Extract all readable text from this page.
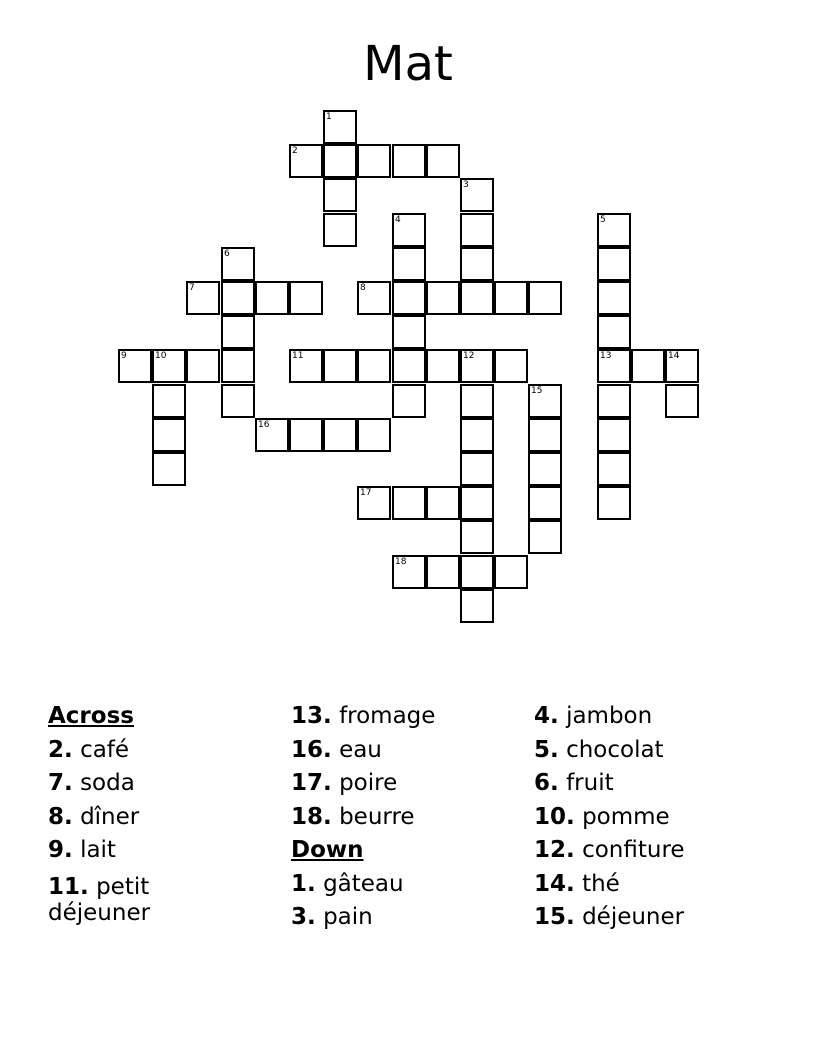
Mat
1
2
3
4	5
6
7	8
9	10	11	12	13	14
15
16
17
18
Across
2. café
7. soda
8. dîner
9. lait
11. petit déjeuner
13. fromage
16. eau
17. poire
18. beurre
Down
1. gâteau
3. pain
4. jambon
5. chocolat
6. fruit
10. pomme
12. confiture
14. thé
15. déjeuner
